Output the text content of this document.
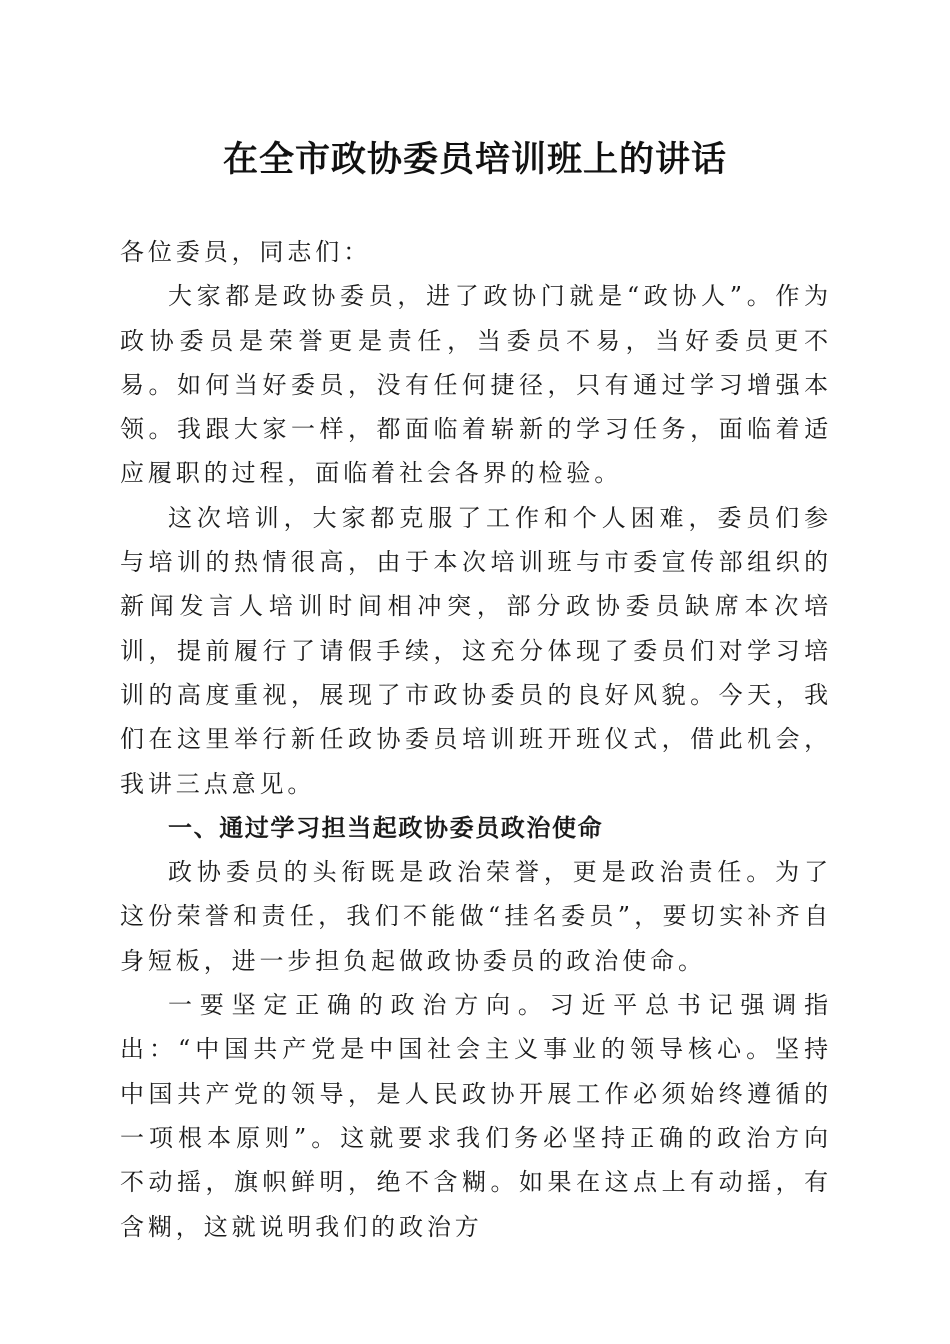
在全市政协委员培训班上的讲话

各位委员，同志们：

大家都是政协委员，进了政协门就是“政协人”。作为政协委员是荣誉更是责任，当委员不易，当好委员更不易。如何当好委员，没有任何捷径，只有通过学习增强本领。我跟大家一样，都面临着崭新的学习任务，面临着适应履职的过程，面临着社会各界的检验。

这次培训，大家都克服了工作和个人困难，委员们参与培训的热情很高，由于本次培训班与市委宣传部组织的新闻发言人培训时间相冲突，部分政协委员缺席本次培训，提前履行了请假手续，这充分体现了委员们对学习培训的高度重视，展现了市政协委员的良好风貌。今天，我们在这里举行新任政协委员培训班开班仪式，借此机会，我讲三点意见。

一、通过学习担当起政协委员政治使命

政协委员的头衔既是政治荣誉，更是政治责任。为了这份荣誉和责任，我们不能做“挂名委员”，要切实补齐自身短板，进一步担负起做政协委员的政治使命。

一要坚定正确的政治方向。习近平总书记强调指出：“中国共产党是中国社会主义事业的领导核心。坚持中国共产党的领导，是人民政协开展工作必须始终遵循的一项根本原则”。这就要求我们务必坚持正确的政治方向不动摇，旗帜鲜明，绝不含糊。如果在这点上有动摇，有含糊，这就说明我们的政治方
